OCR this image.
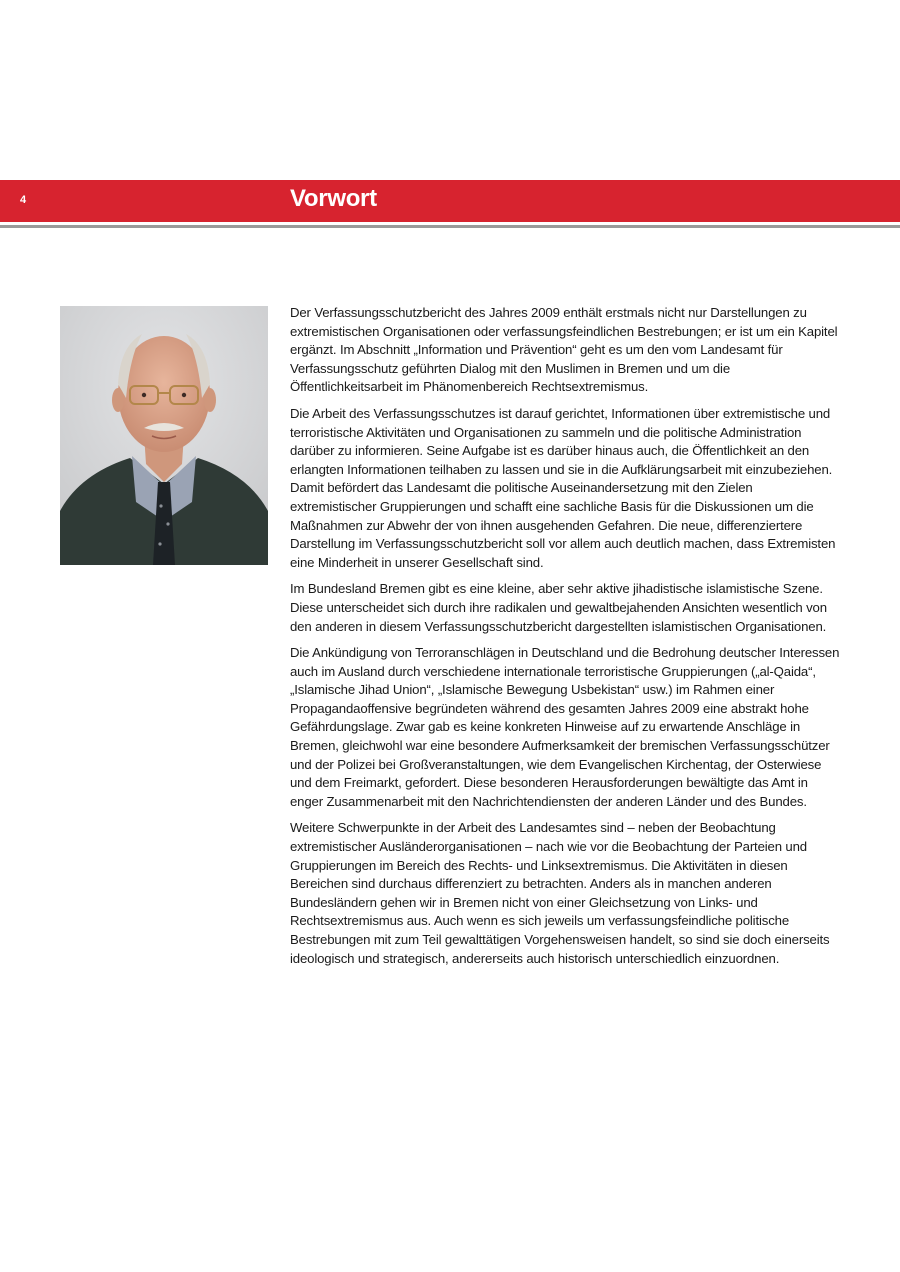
4	Vorwort

Der Verfassungsschutzbericht des Jahres 2009 enthält erstmals nicht nur Darstellungen zu extremistischen Organisationen oder verfassungsfeindlichen Bestrebungen; er ist um ein Kapitel ergänzt. Im Abschnitt „Information und Prävention“ geht es um den vom Landesamt für Verfassungsschutz geführten Dialog mit den Muslimen in Bremen und um die Öffentlichkeitsarbeit im Phänomenbereich Rechtsextremismus.

Die Arbeit des Verfassungsschutzes ist darauf gerichtet, Informationen über extremistische und terroristische Aktivitäten und Organisationen zu sammeln und die politische Administration darüber zu informieren. Seine Aufgabe ist es darüber hinaus auch, die Öffentlichkeit an den erlangten Informationen teilhaben zu lassen und sie in die Aufklärungsarbeit mit einzubeziehen. Damit befördert das Landesamt die politische Auseinandersetzung mit den Zielen extremistischer Gruppierungen und schafft eine sachliche Basis für die Diskussionen um die Maßnahmen zur Abwehr der von ihnen ausgehenden Gefahren. Die neue, differenziertere Darstellung im Verfassungsschutzbericht soll vor allem auch deutlich machen, dass Extremisten eine Minderheit in unserer Gesellschaft sind.

Im Bundesland Bremen gibt es eine kleine, aber sehr aktive jihadistische islamistische Szene. Diese unterscheidet sich durch ihre radikalen und gewaltbejahenden Ansichten wesentlich von den anderen in diesem Verfassungsschutzbericht dargestellten islamistischen Organisationen.

Die Ankündigung von Terroranschlägen in Deutschland und die Bedrohung deutscher Interessen auch im Ausland durch verschiedene internationale terroristische Gruppierungen („al-Qaida“, „Islamische Jihad Union“, „Islamische Bewegung Usbekistan“ usw.) im Rahmen einer Propagandaoffensive begründeten während des gesamten Jahres 2009 eine abstrakt hohe Gefährdungslage. Zwar gab es keine konkreten Hinweise auf zu erwartende Anschläge in Bremen, gleichwohl war eine besondere Aufmerksamkeit der bremischen Verfassungsschützer und der Polizei bei Großveranstaltungen, wie dem Evangelischen Kirchentag, der Osterwiese und dem Freimarkt, gefordert. Diese besonderen Herausforderungen bewältigte das Amt in enger Zusammenarbeit mit den Nachrichtendiensten der anderen Länder und des Bundes.

Weitere Schwerpunkte in der Arbeit des Landesamtes sind – neben der Beobachtung extremistischer Ausländerorganisationen – nach wie vor die Beobachtung der Parteien und Gruppierungen im Bereich des Rechts- und Linksextremismus. Die Aktivitäten in diesen Bereichen sind durchaus differenziert zu betrachten. Anders als in manchen anderen Bundesländern gehen wir in Bremen nicht von einer Gleichsetzung von Links- und Rechtsextremismus aus. Auch wenn es sich jeweils um verfassungsfeindliche politische Bestrebungen mit zum Teil gewalttätigen Vorgehensweisen handelt, so sind sie doch einerseits ideologisch und strategisch, andererseits auch historisch unterschiedlich einzuordnen.
